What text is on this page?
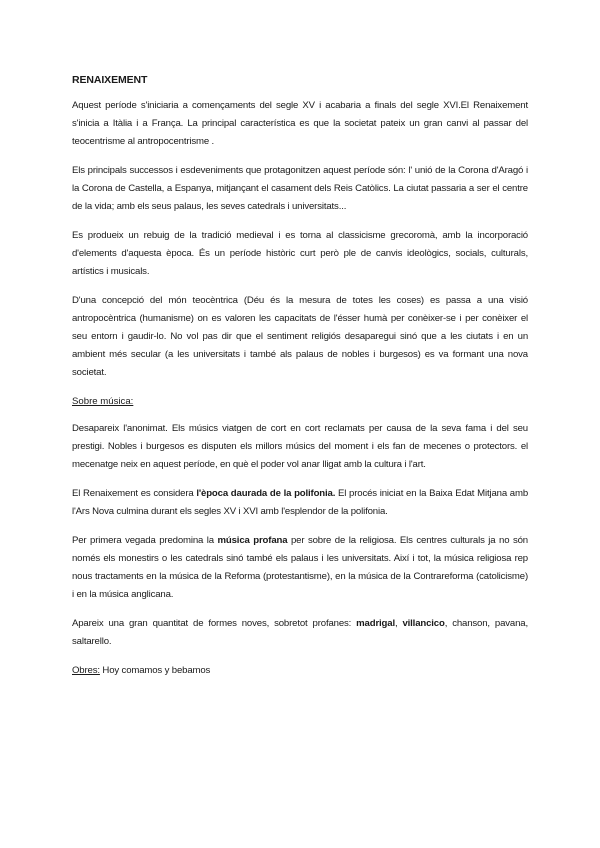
RENAIXEMENT

Aquest període s'iniciaria a començaments del segle XV i acabaria a finals del segle XVI.El Renaixement s'inicia a Itàlia i a França. La principal característica es que la societat pateix un gran canvi al passar del teocentrisme al antropocentrisme .

Els principals successos i esdeveniments que protagonitzen aquest període són: l' unió de la Corona d'Aragó i la Corona de Castella, a Espanya, mitjançant el casament dels Reis Catòlics. La ciutat passaria a ser el centre de la vida; amb els seus palaus, les seves catedrals i universitats...

Es produeix un rebuig de la tradició medieval i es torna al classicisme grecoromà, amb la incorporació d'elements d'aquesta època. És un període històric curt però ple de canvis ideològics, socials, culturals, artístics i musicals.

D'una concepció del món teocèntrica (Déu és la mesura de totes les coses) es passa a una visió antropocèntrica (humanisme) on es valoren les capacitats de l'ésser humà per conèixer-se i per conèixer el seu entorn i gaudir-lo. No vol pas dir que el sentiment religiós desaparegui sinó que a les ciutats i en un ambient més secular (a les universitats i també als palaus de nobles i burgesos) es va formant una nova societat.

Sobre música:

Desapareix l'anonimat. Els músics viatgen de cort en cort reclamats per causa de la seva fama i del seu prestigi. Nobles i burgesos es disputen els millors músics del moment i els fan de mecenes o protectors. el mecenatge neix en aquest període, en què el poder vol anar lligat amb la cultura i l'art.

El Renaixement es considera l'època daurada de la polifonia. El procés iniciat en la Baixa Edat Mitjana amb l'Ars Nova culmina durant els segles XV i XVI amb l'esplendor de la polifonia.

Per primera vegada predomina la música profana per sobre de la religiosa. Els centres culturals ja no són només els monestirs o les catedrals sinó també els palaus i les universitats. Així i tot, la música religiosa rep nous tractaments en la música de la Reforma (protestantisme), en la música de la Contrareforma (catolicisme) i en la música anglicana.

Apareix una gran quantitat de formes noves, sobretot profanes: madrigal, villancico, chanson, pavana, saltarello.

Obres: Hoy comamos y bebamos
